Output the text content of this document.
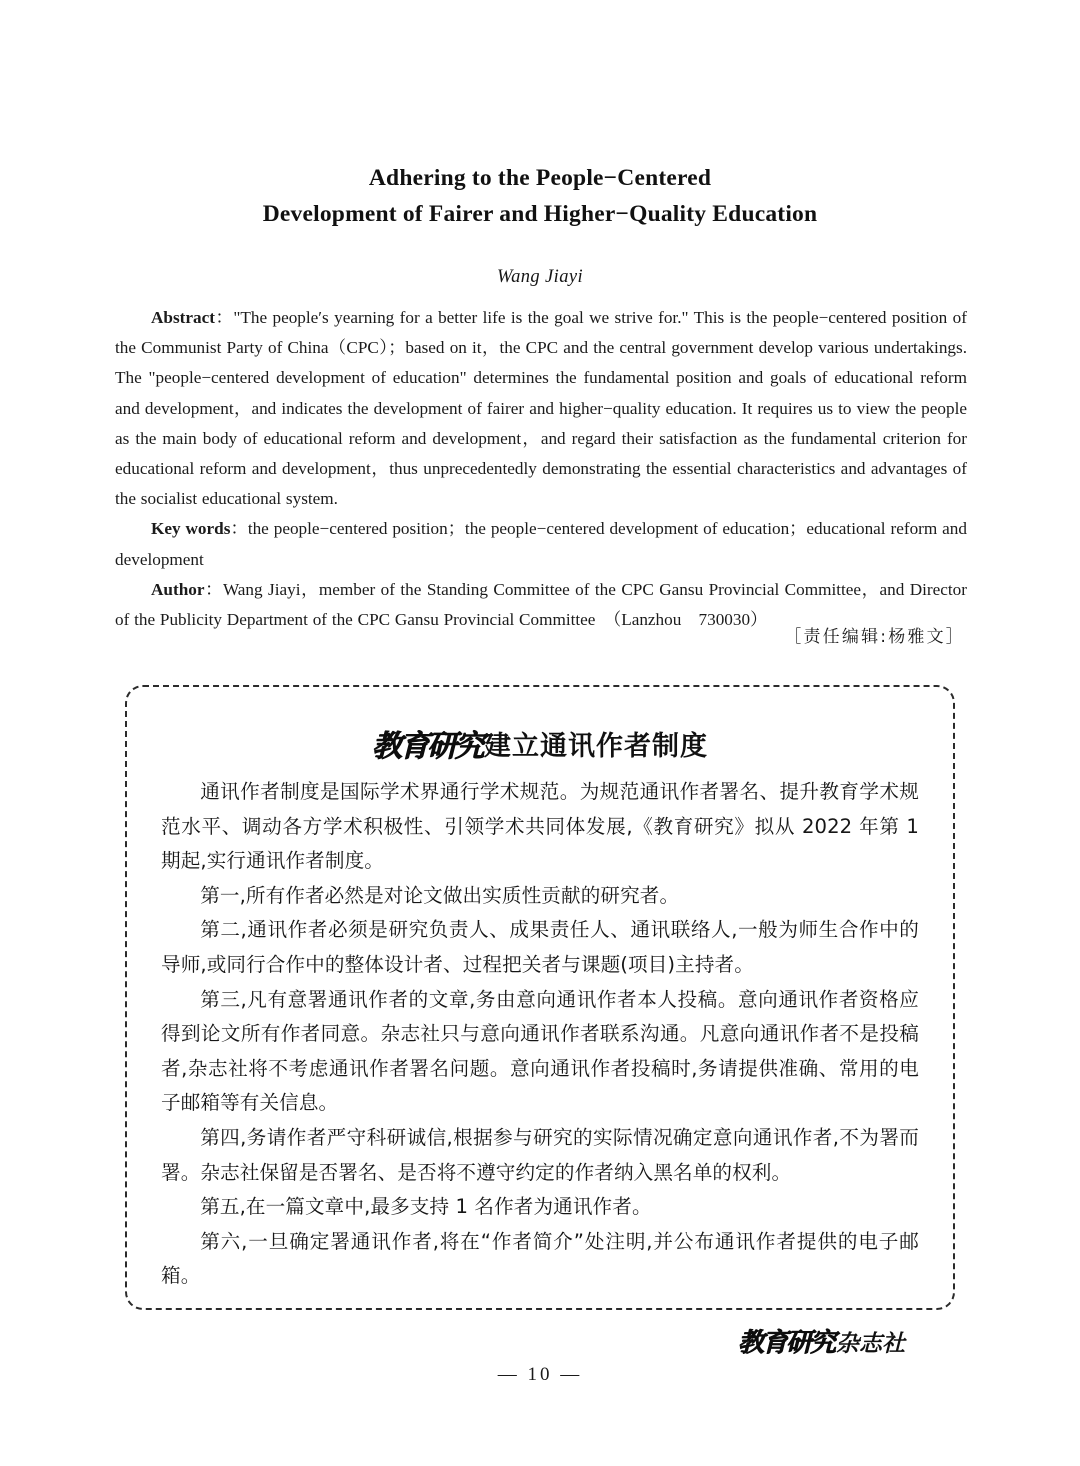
Adhering to the People−Centered
Development of Fairer and Higher−Quality Education
Wang Jiayi

Abstract："The people′s yearning for a better life is the goal we strive for." This is the people−centered position of the Communist Party of China（CPC）；based on it，the CPC and the central government develop various undertakings. The "people−centered development of education" determines the fundamental position and goals of educational reform and development，and indicates the development of fairer and higher−quality education. It requires us to view the people as the main body of educational reform and development，and regard their satisfaction as the fundamental criterion for educational reform and development，thus unprecedentedly demonstrating the essential characteristics and advantages of the socialist educational system.

Key words：the people−centered position；the people−centered development of education；educational reform and development

Author：Wang Jiayi，member of the Standing Committee of the CPC Gansu Provincial Committee，and Director of the Publicity Department of the CPC Gansu Provincial Committee　（Lanzhou　730030）

［责任编辑:杨雅文］
教育研究建立通讯作者制度

通讯作者制度是国际学术界通行学术规范。为规范通讯作者署名、提升教育学术规范水平、调动各方学术积极性、引领学术共同体发展,《教育研究》拟从 2022 年第 1 期起,实行通讯作者制度。

第一,所有作者必然是对论文做出实质性贡献的研究者。

第二,通讯作者必须是研究负责人、成果责任人、通讯联络人,一般为师生合作中的导师,或同行合作中的整体设计者、过程把关者与课题(项目)主持者。

第三,凡有意署通讯作者的文章,务由意向通讯作者本人投稿。意向通讯作者资格应得到论文所有作者同意。杂志社只与意向通讯作者联系沟通。凡意向通讯作者不是投稿者,杂志社将不考虑通讯作者署名问题。意向通讯作者投稿时,务请提供准确、常用的电子邮箱等有关信息。

第四,务请作者严守科研诚信,根据参与研究的实际情况确定意向通讯作者,不为署而署。杂志社保留是否署名、是否将不遵守约定的作者纳入黑名单的权利。

第五,在一篇文章中,最多支持 1 名作者为通讯作者。

第六,一旦确定署通讯作者,将在“作者简介”处注明,并公布通讯作者提供的电子邮箱。

教育研究杂志社
— 10 —
